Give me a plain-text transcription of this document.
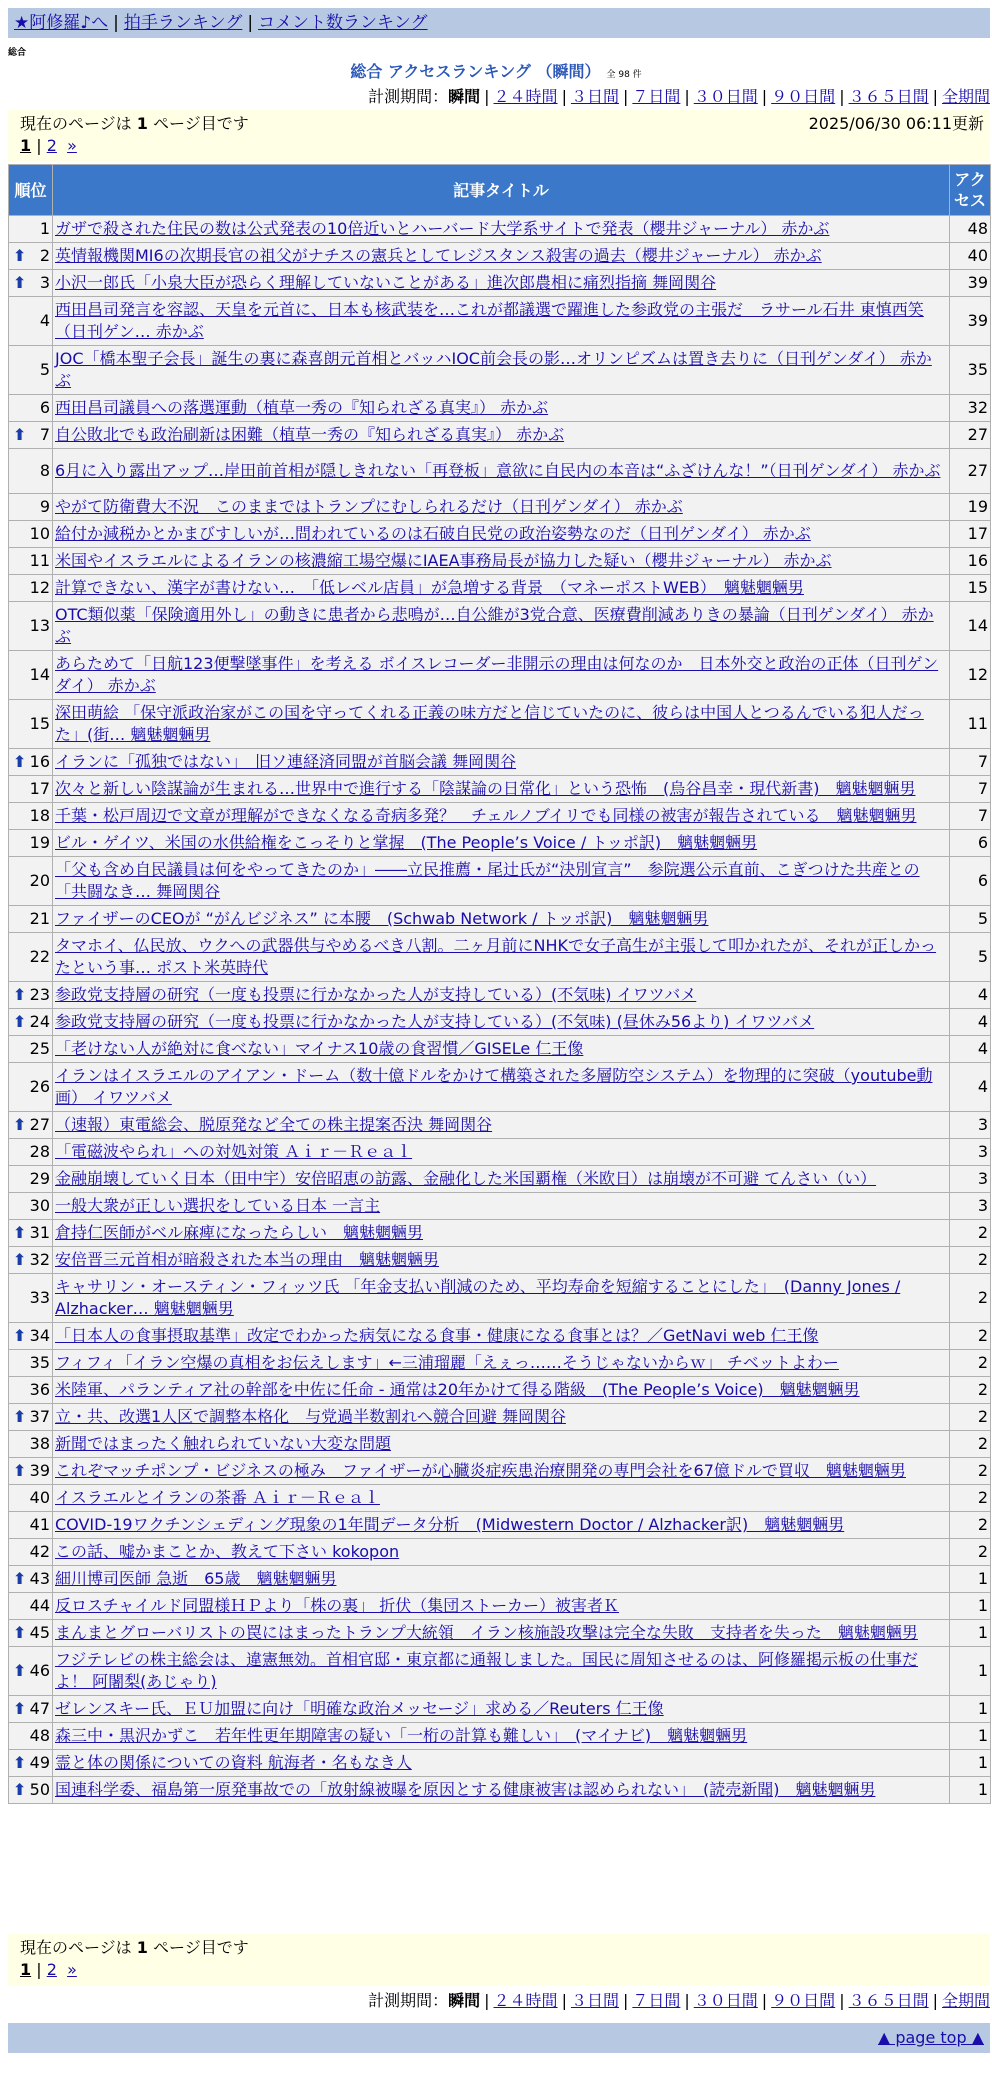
★阿修羅♪へ | 拍手ランキング | コメント数ランキング
総合
総合 アクセスランキング （瞬間） 全 98 件
計測期間：瞬間 | ２４時間 | ３日間 | ７日間 | ３０日間 | ９０日間 | ３６５日間 | 全期間
現在のページは 1 ページ目です	2025/06/30 06:11更新
1 | 2 »
順位	記事タイトル	アクセス
1	ガザで殺された住民の数は公式発表の10倍近いとハーバード大学系サイトで発表（櫻井ジャーナル） 赤かぶ	48

⬆ 2	英情報機関MI6の次期長官の祖父がナチスの憲兵としてレジスタンス殺害の過去（櫻井ジャーナル） 赤かぶ	40

⬆ 3	小沢一郎氏「小泉大臣が恐らく理解していないことがある」進次郎農相に痛烈指摘 舞岡関谷	39
4	西田昌司発言を容認、天皇を元首に、日本も核武装を…これが都議選で躍進した参政党の主張だ　ラサール石井 東慎西笑（日刊ゲン… 赤かぶ	39
5	JOC「橋本聖子会長」誕生の裏に森喜朗元首相とバッハIOC前会長の影…オリンピズムは置き去りに（日刊ゲンダイ） 赤かぶ	35
6	西田昌司議員への落選運動（植草一秀の『知られざる真実』） 赤かぶ	32

⬆ 7	自公敗北でも政治刷新は困難（植草一秀の『知られざる真実』） 赤かぶ	27
8	6月に入り露出アップ…岸田前首相が隠しきれない「再登板」意欲に自民内の本音は“ふざけんな！”（日刊ゲンダイ） 赤かぶ	27
9	やがて防衛費大不況　このままではトランプにむしられるだけ（日刊ゲンダイ） 赤かぶ	19
10	給付か減税かとかまびすしいが…問われているのは石破自民党の政治姿勢なのだ（日刊ゲンダイ） 赤かぶ	17
11	米国やイスラエルによるイランの核濃縮工場空爆にIAEA事務局長が協力した疑い（櫻井ジャーナル） 赤かぶ	16
12	計算できない、漢字が書けない…　「低レベル店員」が急増する背景　（マネーポストWEB）　魑魅魍魎男	15
13	OTC類似薬「保険適用外し」の動きに患者から悲鳴が…自公維が3党合意、医療費削減ありきの暴論（日刊ゲンダイ） 赤かぶ	14
14	あらためて「日航123便撃墜事件」を考える ボイスレコーダー非開示の理由は何なのか　日本外交と政治の正体（日刊ゲンダイ） 赤かぶ	12
15	深田萌絵 「保守派政治家がこの国を守ってくれる正義の味方だと信じていたのに、彼らは中国人とつるんでいる犯人だった」(街… 魑魅魍魎男	11

⬆ 16	イランに「孤独ではない」　旧ソ連経済同盟が首脳会議 舞岡関谷	7
17	次々と新しい陰謀論が生まれる…世界中で進行する「陰謀論の日常化」という恐怖　(烏谷昌幸・現代新書)　魑魅魍魎男	7
18	千葉・松戸周辺で文章が理解ができなくなる奇病多発？　チェルノブイリでも同様の被害が報告されている　魑魅魍魎男	7
19	ビル・ゲイツ、米国の水供給権をこっそりと掌握　(The People’s Voice / トッポ訳)　魑魅魍魎男	6
20	「父も含め自民議員は何をやってきたのか」――立民推薦・尾辻氏が“決別宣言”　参院選公示直前、こぎつけた共産との「共闘なき… 舞岡関谷	6
21	ファイザーのCEOが “がんビジネス” に本腰　(Schwab Network / トッポ訳)　魑魅魍魎男	5
22	タマホイ、仏民放、ウクへの武器供与やめるべき八割。二ヶ月前にNHKで女子高生が主張して叩かれたが、それが正しかったという事… ポスト米英時代	5

⬆ 23	参政党支持層の研究（一度も投票に行かなかった人が支持している）(不気味) イワツバメ	4

⬆ 24	参政党支持層の研究（一度も投票に行かなかった人が支持している）(不気味) (昼休み56より) イワツバメ	4
25	「老けない人が絶対に食べない」マイナス10歳の食習慣／GISELe 仁王像	4
26	イランはイスラエルのアイアン・ドーム（数十億ドルをかけて構築された多層防空システム）を物理的に突破（youtube動画） イワツバメ	4

⬆ 27	（速報）東電総会、脱原発など全ての株主提案否決 舞岡関谷	3
28	「電磁波やられ」への対処対策 Ａｉｒ－Ｒｅａｌ	3
29	金融崩壊していく日本（田中宇）安倍昭恵の訪露、金融化した米国覇権（米欧日）は崩壊が不可避 てんさい（い）	3
30	一般大衆が正しい選択をしている日本 一言主	3

⬆ 31	倉持仁医師がベル麻痺になったらしい　魑魅魍魎男	2

⬆ 32	安倍晋三元首相が暗殺された本当の理由　魑魅魍魎男	2
33	キャサリン・オースティン・フィッツ氏 「年金支払い削減のため、平均寿命を短縮することにした」　(Danny Jones / Alzhacker… 魑魅魍魎男	2

⬆ 34	「日本人の食事摂取基準」改定でわかった病気になる食事・健康になる食事とは？／GetNavi web 仁王像	2
35	フィフィ「イラン空爆の真相をお伝えします」←三浦瑠麗「えぇっ……そうじゃないからｗ」 チベットよわー	2
36	米陸軍、パランティア社の幹部を中佐に任命 - 通常は20年かけて得る階級　(The People’s Voice)　魑魅魍魎男	2

⬆ 37	立・共、改選1人区で調整本格化　与党過半数割れへ競合回避 舞岡関谷	2
38	新聞ではまったく触れられていない大変な問題	2

⬆ 39	これぞマッチポンプ・ビジネスの極み　ファイザーが心臓炎症疾患治療開発の専門会社を67億ドルで買収　魑魅魍魎男	2
40	イスラエルとイランの茶番 Ａｉｒ－Ｒｅａｌ	2
41	COVID-19ワクチンシェディング現象の1年間データ分析　(Midwestern Doctor / Alzhacker訳)　魑魅魍魎男	2
42	この話、嘘かまことか、教えて下さい kokopon	2

⬆ 43	細川博司医師 急逝　65歳　魑魅魍魎男	1
44	反ロスチャイルド同盟様ＨＰより「株の裏」 折伏（集団ストーカー）被害者Ｋ	1

⬆ 45	まんまとグローバリストの罠にはまったトランプ大統領　イラン核施設攻撃は完全な失敗　支持者を失った　魑魅魍魎男	1

⬆ 46	フジテレビの株主総会は、違憲無効。首相官邸・東京都に通報しました。国民に周知させるのは、阿修羅掲示板の仕事だよ！ 阿闍梨(あじゃり)	1

⬆ 47	ゼレンスキー氏、ＥＵ加盟に向け「明確な政治メッセージ」求める／Reuters 仁王像	1
48	森三中・黒沢かずこ　若年性更年期障害の疑い「一桁の計算も難しい」　(マイナビ)　魑魅魍魎男	1

⬆ 49	霊と体の関係についての資料 航海者・名もなき人	1

⬆ 50	国連科学委、福島第一原発事故での「放射線被曝を原因とする健康被害は認められない」　(読売新聞)　魑魅魍魎男	1
現在のページは 1 ページ目です
1 | 2 »
計測期間：瞬間 | ２４時間 | ３日間 | ７日間 | ３０日間 | ９０日間 | ３６５日間 | 全期間
▲ page top ▲
